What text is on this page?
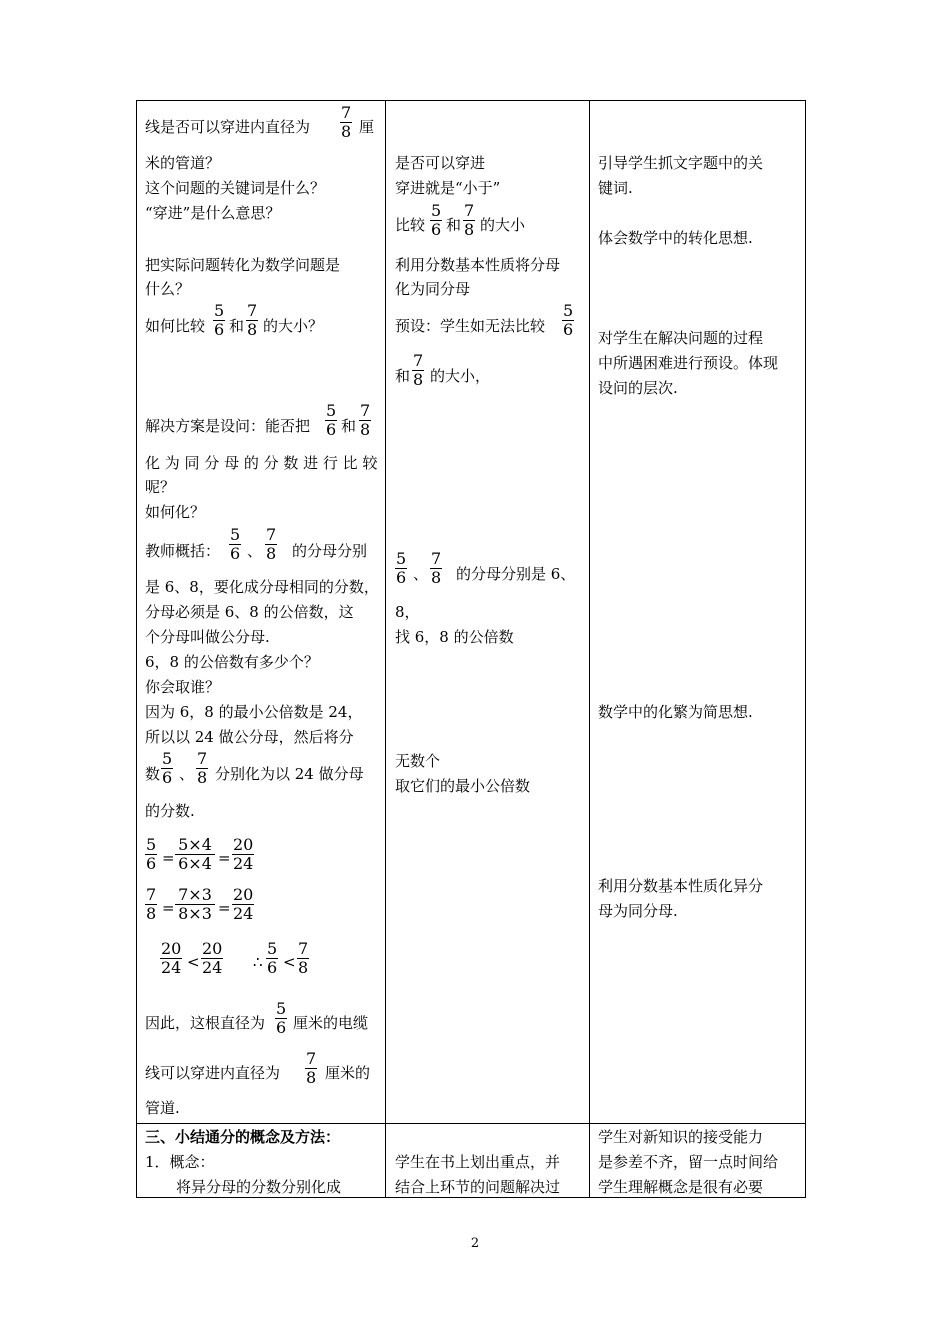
线是否可以穿进内直径为 $\frac{7}{8}$ 厘
米的管道？
这个问题的关键词是什么？
“穿进”是什么意思？
把实际问题转化为数学问题是
什么？
如何比较 $\frac{5}{6}$ 和 $\frac{7}{8}$ 的大小？
解决方案是设问：能否把 $\frac{5}{6}$ 和 $\frac{7}{8}$
化 为 同 分 母 的 分 数 进 行 比 较
呢？
如何化？
教师概括： $\frac{5}{6}$ 、 $\frac{7}{8}$ 的分母分别
是 6、8，要化成分母相同的分数，
分母必须是 6、8 的公倍数，这
个分母叫做公分母.
6，8 的公倍数有多少个？
你会取谁？
因为 6，8 的最小公倍数是 24，
所以以 24 做公分母，然后将分
数 $\frac{5}{6}$ 、 $\frac{7}{8}$ 分别化为以 24 做分母
的分数.
$\frac{5}{6} = \frac{5\times 4}{6\times 4} = \frac{20}{24}$
$\frac{7}{8} = \frac{7\times 3}{8\times 3} = \frac{20}{24}$
$\frac{20}{24} < \frac{20}{24}$ ∴ $\frac{5}{6} < \frac{7}{8}$
因此，这根直径为 $\frac{5}{6}$ 厘米的电缆
线可以穿进内直径为 $\frac{7}{8}$ 厘米的
管道.
三、小结通分的概念及方法：
1．概念：
将异分母的分数分别化成
是否可以穿进
穿进就是“小于”
比较 $\frac{5}{6}$ 和 $\frac{7}{8}$ 的大小
利用分数基本性质将分母
化为同分母
预设：学生如无法比较 $\frac{5}{6}$
和 $\frac{7}{8}$ 的大小，
$\frac{5}{6}$ 、 $\frac{7}{8}$ 的分母分别是 6、
8，
找 6，8 的公倍数
无数个
取它们的最小公倍数
学生在书上划出重点，并
结合上环节的问题解决过
引导学生抓文字题中的关
键词.
体会数学中的转化思想.
对学生在解决问题的过程
中所遇困难进行预设。体现
设问的层次.
数学中的化繁为简思想.
利用分数基本性质化异分
母为同分母.
学生对新知识的接受能力
是参差不齐，留一点时间给
学生理解概念是很有必要
2
